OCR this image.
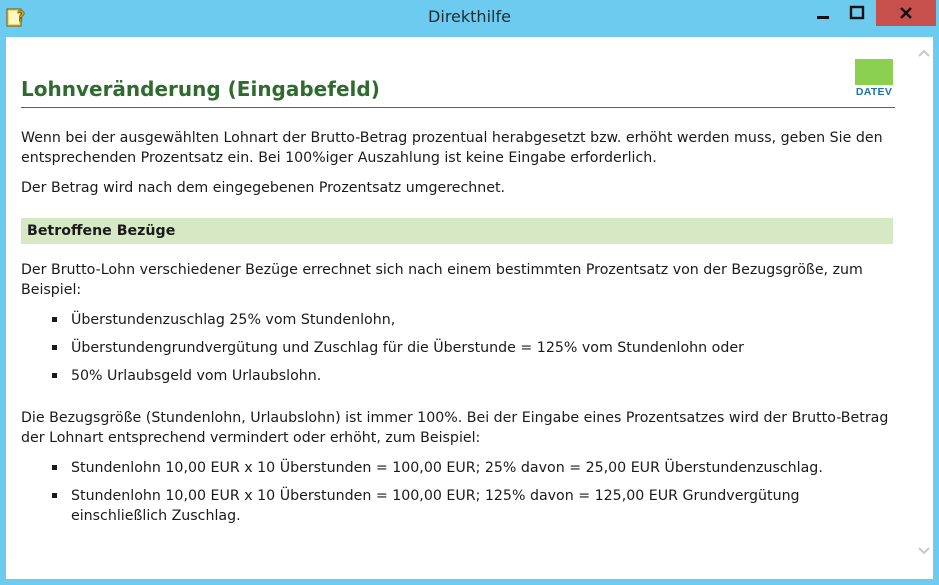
?	Direkthilfe
DATEV
Lohnveränderung (Eingabefeld)

Wenn bei der ausgewählten Lohnart der Brutto-Betrag prozentual herabgesetzt bzw. erhöht werden muss, geben Sie den entsprechenden Prozentsatz ein. Bei 100%iger Auszahlung ist keine Eingabe erforderlich.

Der Betrag wird nach dem eingegebenen Prozentsatz umgerechnet.

Betroffene Bezüge

Der Brutto-Lohn verschiedener Bezüge errechnet sich nach einem bestimmten Prozentsatz von der Bezugsgröße, zum Beispiel:

Überstundenzuschlag 25% vom Stundenlohn,
Überstundengrundvergütung und Zuschlag für die Überstunde = 125% vom Stundenlohn oder
50% Urlaubsgeld vom Urlaubslohn.

Die Bezugsgröße (Stundenlohn, Urlaubslohn) ist immer 100%. Bei der Eingabe eines Prozentsatzes wird der Brutto-Betrag der Lohnart entsprechend vermindert oder erhöht, zum Beispiel:

Stundenlohn 10,00 EUR x 10 Überstunden = 100,00 EUR; 25% davon = 25,00 EUR Überstundenzuschlag.
Stundenlohn 10,00 EUR x 10 Überstunden = 100,00 EUR; 125% davon = 125,00 EUR Grundvergütung einschließlich Zuschlag.
